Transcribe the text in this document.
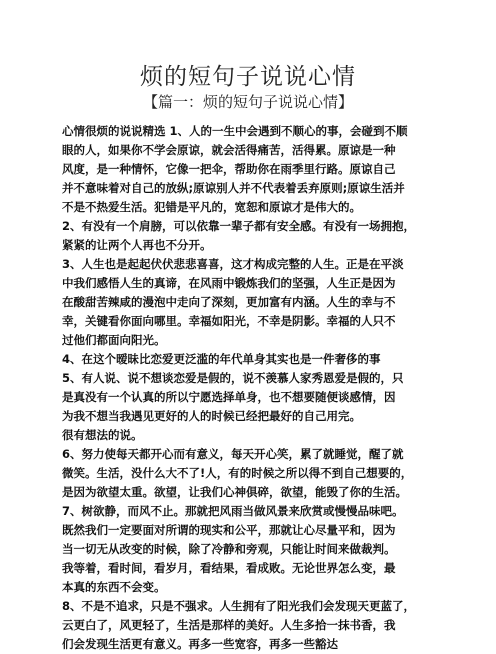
烦的短句子说说心情
【篇一：烦的短句子说说心情】
心情很烦的说说精选 1、人的一生中会遇到不顺心的事，会碰到不顺
眼的人，如果你不学会原谅，就会活得痛苦，活得累。原谅是一种
风度，是一种情怀，它像一把伞，帮助你在雨季里行路。原谅自己
并不意味着对自己的放纵;原谅别人并不代表着丢弃原则;原谅生活并
不是不热爱生活。犯错是平凡的，宽恕和原谅才是伟大的。
2、有没有一个肩膀，可以依靠一辈子都有安全感。有没有一场拥抱，
紧紧的让两个人再也不分开。
3、人生也是起起伏伏悲悲喜喜，这才构成完整的人生。正是在平淡
中我们感悟人生的真谛，在风雨中锻炼我们的坚强，人生正是因为
在酸甜苦辣咸的漫泡中走向了深刻，更加富有内涵。人生的幸与不
幸，关键看你面向哪里。幸福如阳光，不幸是阴影。幸福的人只不
过他们都面向阳光。
4、在这个暧昧比恋爱更泛滥的年代单身其实也是一件奢侈的事
5、有人说、说不想谈恋爱是假的，说不羡慕人家秀恩爱是假的，只
是真没有一个认真的所以宁愿选择单身，也不想要随便谈感情，因
为我不想当我遇见更好的人的时候已经把最好的自己用完。
很有想法的说。
6、努力使每天都开心而有意义，每天开心笑，累了就睡觉，醒了就
微笑。生活，没什么大不了!人，有的时候之所以得不到自己想要的，
是因为欲望太重。欲望，让我们心神俱碎，欲望，能毁了你的生活。
7、树欲静，而风不止。那就把风雨当做风景来欣赏或慢慢品味吧。
既然我们一定要面对所谓的现实和公平，那就让心尽量平和，因为
当一切无从改变的时候，除了冷静和旁观，只能让时间来做裁判。
我等着，看时间，看岁月，看结果，看成败。无论世界怎么变，最
本真的东西不会变。
8、不是不追求，只是不强求。人生拥有了阳光我们会发现天更蓝了，
云更白了，风更轻了，生活是那样的美好。人生多拾一抹书香，我
们会发现生活更有意义。再多一些宽容，再多一些豁达
